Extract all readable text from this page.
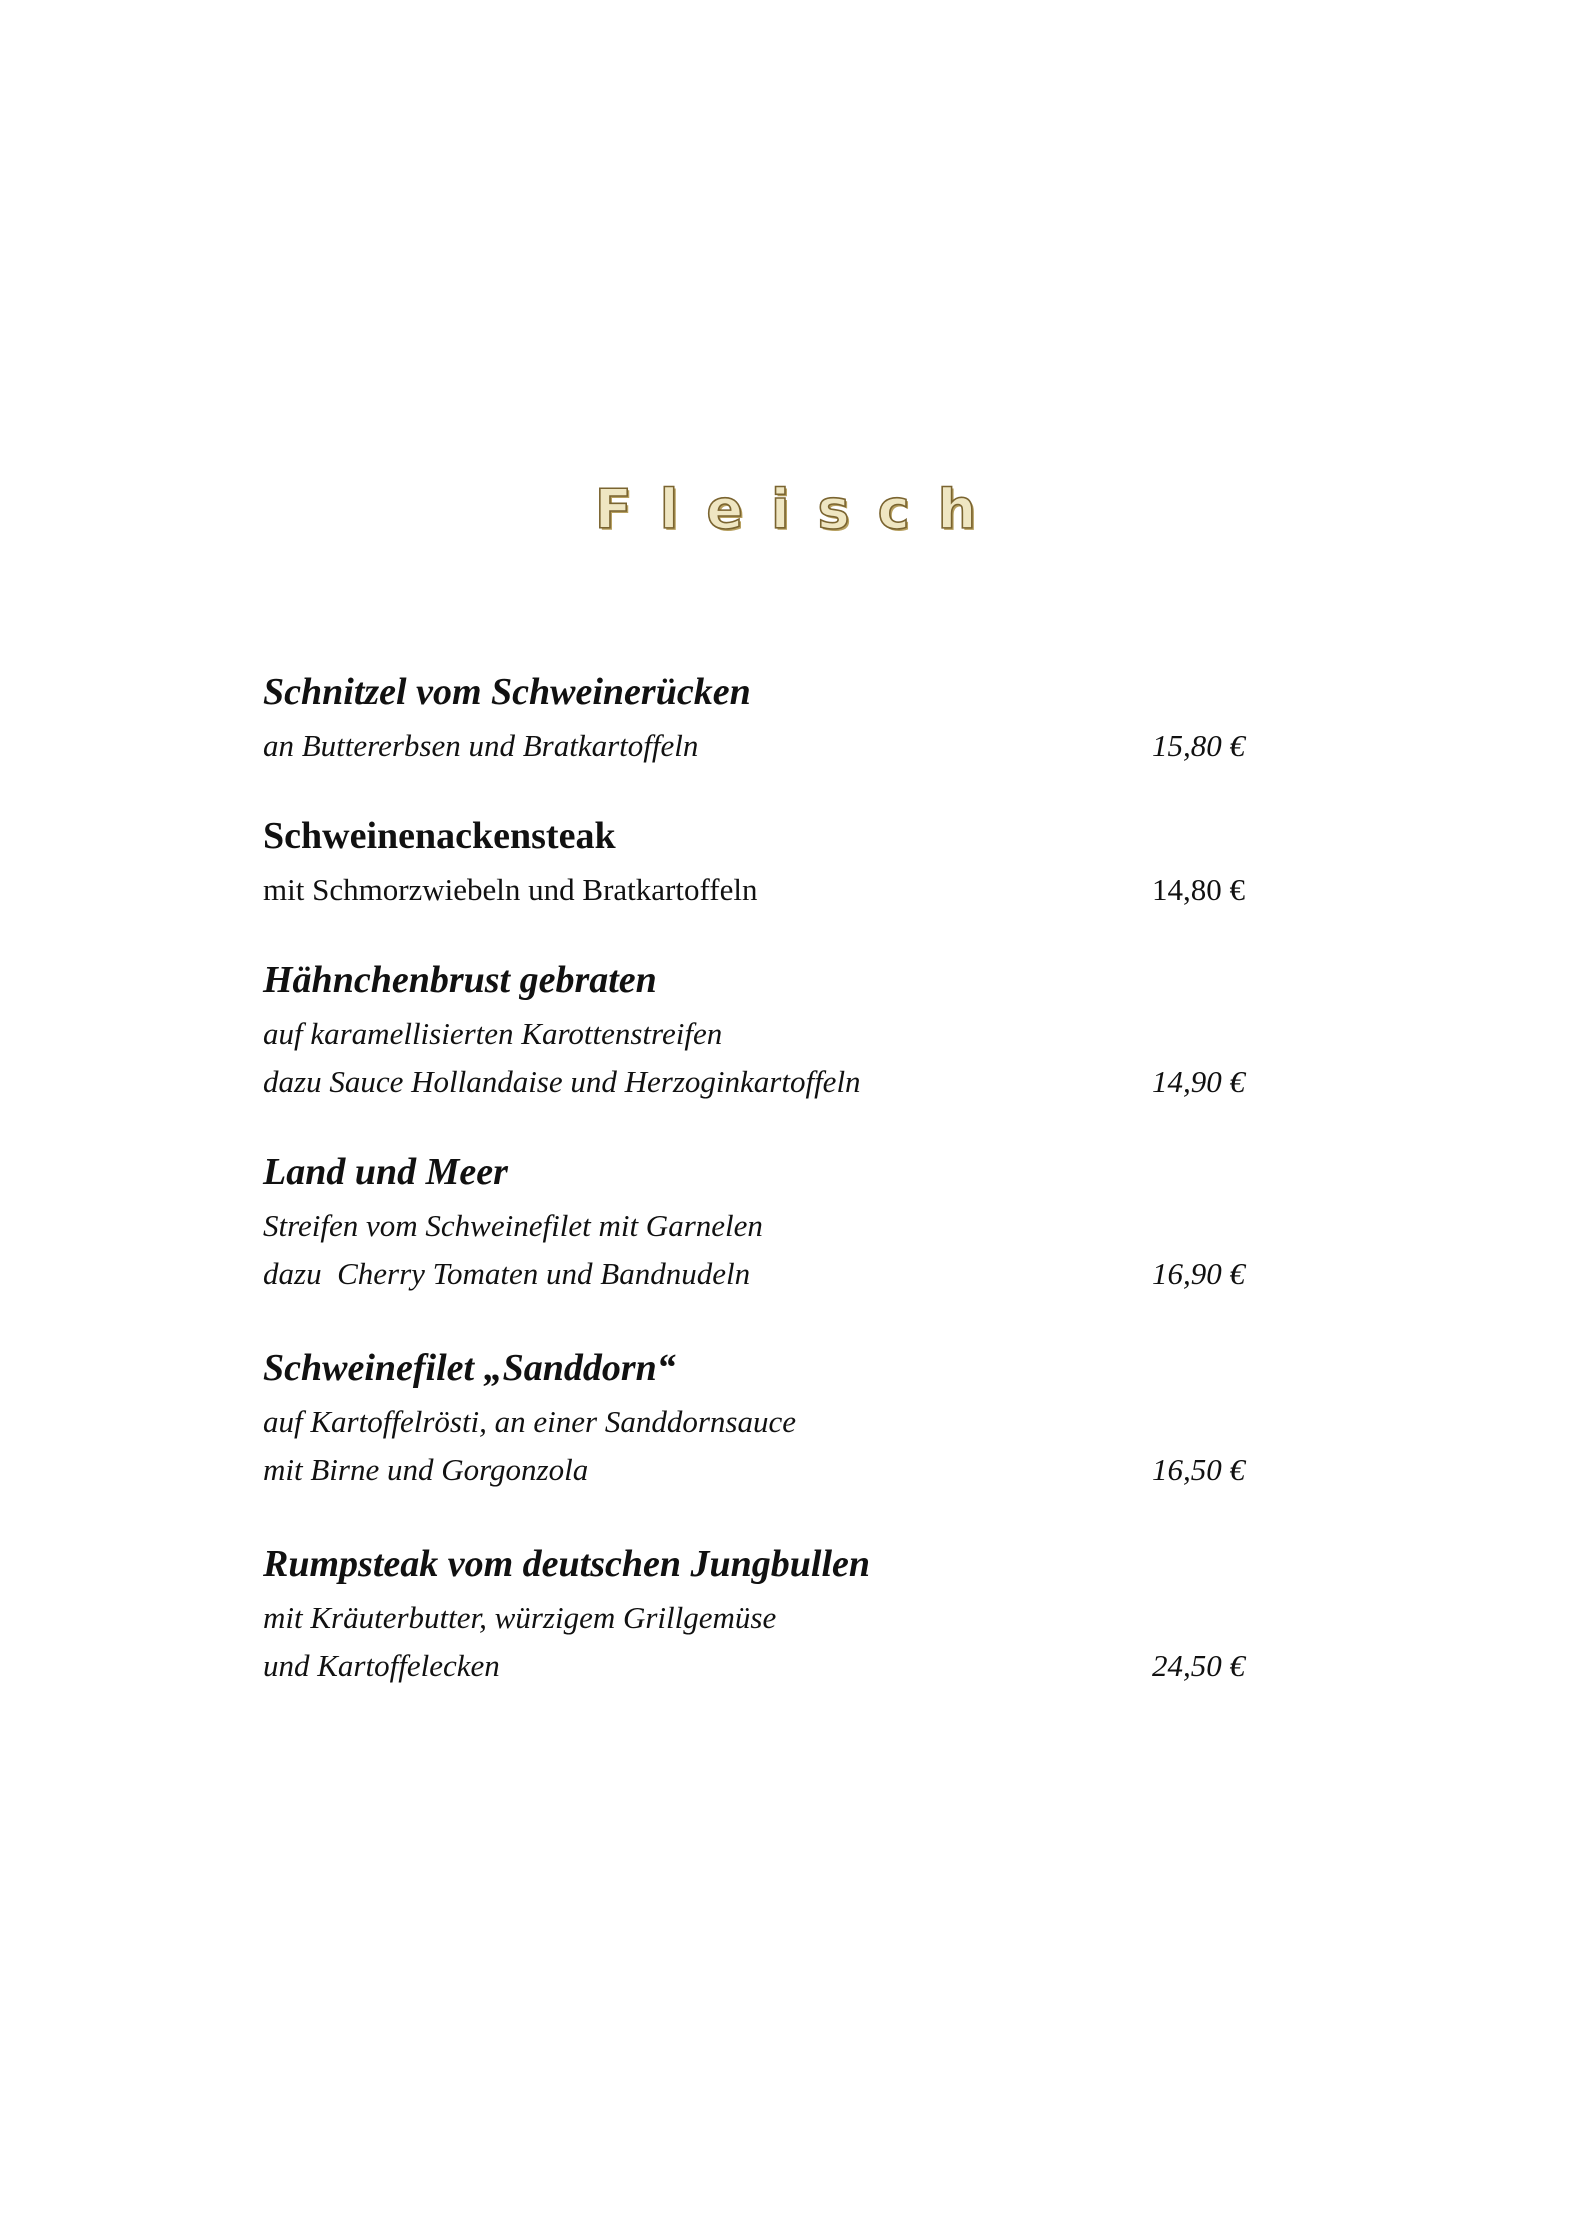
Fleisch
Schnitzel vom Schweinerücken
an Buttererbsen und Bratkartoffeln	15,80 €
Schweinenackensteak
mit Schmorzwiebeln und Bratkartoffeln	14,80 €
Hähnchenbrust gebraten
auf karamellisierten Karottenstreifen
dazu Sauce Hollandaise und Herzoginkartoffeln	14,90 €
Land und Meer
Streifen vom Schweinefilet mit Garnelen
dazu  Cherry Tomaten und Bandnudeln	16,90 €
Schweinefilet „Sanddorn“
auf Kartoffelrösti, an einer Sanddornsauce
mit Birne und Gorgonzola	16,50 €
Rumpsteak vom deutschen Jungbullen
mit Kräuterbutter, würzigem Grillgemüse
und Kartoffelecken	24,50 €
